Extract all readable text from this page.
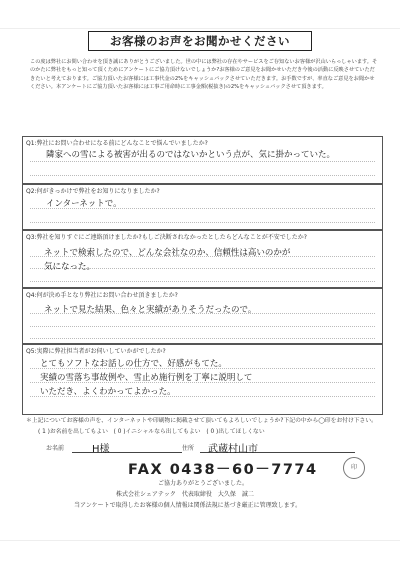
お客様のお声をお聞かせください
この度は弊社にお問い合わせを頂き誠にありがとうございました。世の中には弊社の存在やサービスをご存知ないお客様が沢山いらっしゃいます。そのかたに弊社をもっと知って頂くためにアンケートにご協力頂けないでしょうか?お客様のご意見をお聞かせいただき今後の活動に反映させていただきたいと考えております。ご協力頂いたお客様には工事代金の2%をキャッシュバックさせていただきます。お手数ですが、率直なご意見をお聞かせください。本アンケートにご協力頂いたお客様には工事ご用命時に工事金額(税抜き)の2%をキャッシュバックさせて頂きます。
Q1:弊社にお問い合わせになる前にどんなことで悩んでいましたか?
隣家への雪による被害が出るのではないかという点が、気に掛かっていた。
Q2:何がきっかけで弊社をお知りになりましたか?
インターネットで。
Q3:弊社を知りすぐにご連絡頂けましたか?もしご決断されなかったとしたらどんなことが不安でしたか?
ネットで検索したので、どんな会社なのか、信頼性は高いのかが
気になった。
Q4:何が決め手となり弊社にお問い合わせ頂きましたか?
ネットで見た結果、色々と実績がありそうだったので。
Q5:実際に弊社担当者がお伺いしていかがでしたか?
とてもソフトなお話しの仕方で、好感がもてた。
実績の雪落ち事故例や、雪止め施行例を丁寧に説明して
いただき、よくわかってよかった。
＊上記についてお客様の声を、インターネットや印刷物に掲載させて頂いてもよろしいでしょうか?下記の中から◯印をお付け下さい。
( 1 )お名前を出してもよい　( 0 )イニシャルなら出してもよい　( 0 )出してほしくない
お名前	H様	住所 武蔵村山市
FAX 0438－60－7774	印
ご協力ありがとうございました。
株式会社シェアテック　代表取締役　大久保　誠二
当アンケートで取得したお客様の個人情報は関係法規に基づき厳正に管理致します。
